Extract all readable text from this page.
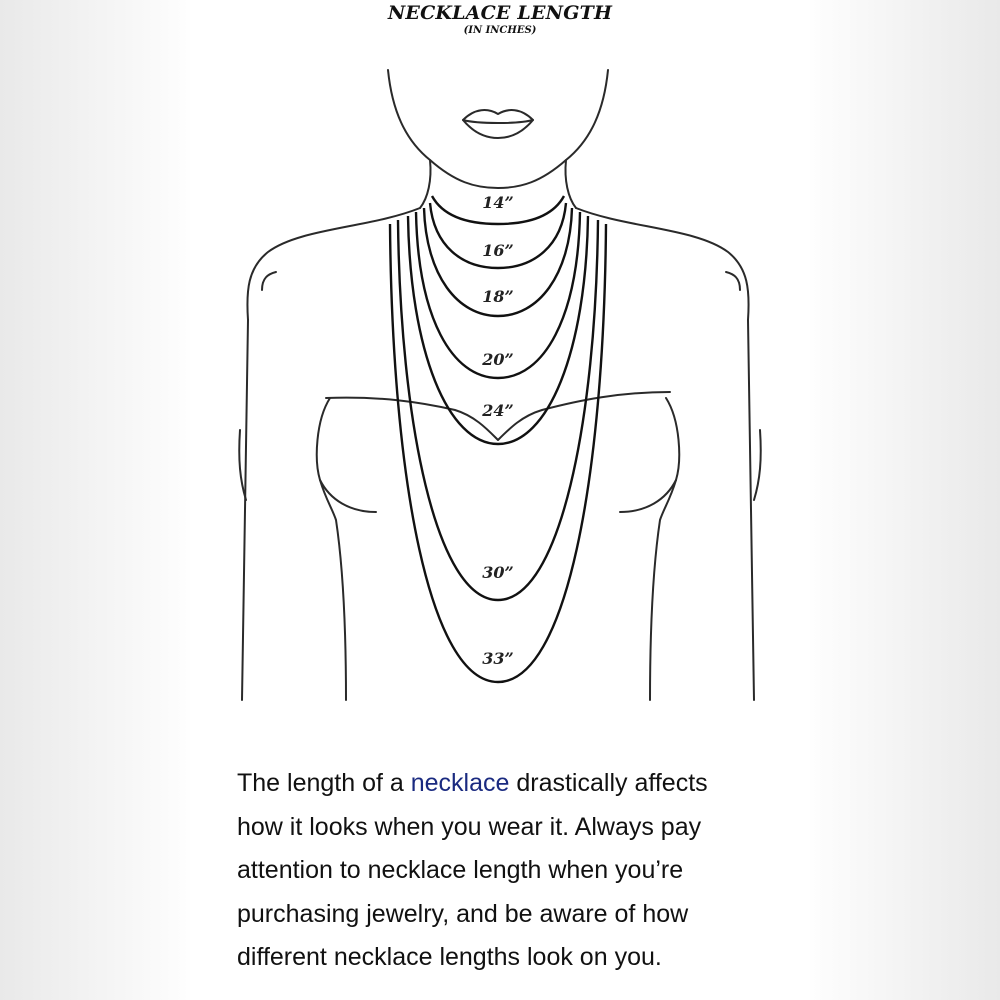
NECKLACE LENGTH
(IN INCHES)
14”
16”
18”
20”
24”
30”
33”
The length of a necklace drastically affects
how it looks when you wear it. Always pay
attention to necklace length when you’re
purchasing jewelry, and be aware of how
different necklace lengths look on you.
